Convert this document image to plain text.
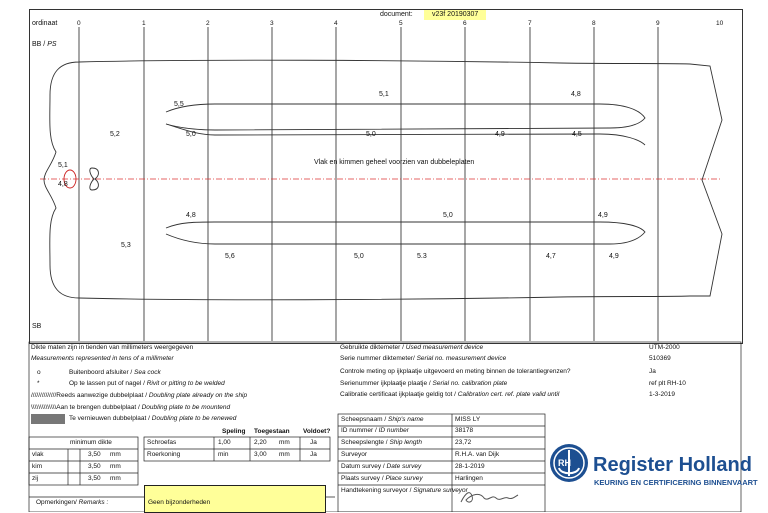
document:	v23f 20190307
ordinaat	0	1	2	3	4	5	6	7	8	9	10
BB / PS
SB
Vlak en kimmen geheel voorzien van dubbeleplaten
5,5
5,1	4,8
5,2	5,0	5,0	4,9	4,5
5,1
4,8
4,8	5,0	4,9
5,3
5,6	5,0	5.3	4,7	4,9
Dikte maten zijn in tienden van millimeters weergegeven
Measurements represented in tens of a millimeter
o	Buitenboord afsluiter / Sea cock
*	Op te lassen put of nagel / Rivit or pitting to be welded
//////////////Reeds aanwezige dubbelplaat / Doubling plate already on the ship
\\\\\\\\\\\\\\Aan te brengen dubbelplaat / Doubling plate to be mountend
Te vernieuwen dubbelplaat / Doubling plate to be renewed
Gebruikte diktemeter / Used measurement device	UTM-2000
Serie nummer diktemeter/ Serial no. measurement device	510369
Controle meting op ijkplaatje uitgevoerd en meting binnen de tolerantiegrenzen?	Ja
Serienummer ijkplaatje plaatje / Serial no. calibration plate	ref plt RH-10
Calibratie certificaat ijkplaatje geldig tot / Calibration cert. ref. plate valid until	1-3-2019
Speling Toegestaan Voldoet?
Schroefas	1,00	2,20 mm	Ja
Roerkoning	min	3,00 mm	Ja
minimum dikte
vlak	3,50 mm
kim	3,50 mm
zij	3,50 mm
Opmerkingen/ Remarks :	Geen bijzonderheden
Scheepsnaam / Ship's name	MISS LY
ID nummer / ID number	38178
Scheepslengte / Ship length	23,72
Surveyor	R.H.A. van Dijk
Datum survey / Date survey	28-1-2019
Plaats survey / Place survey	Harlingen
Handtekening surveyor / Signature surveyor
RH Register Holland
KEURING EN CERTIFICERING BINNENVAART
